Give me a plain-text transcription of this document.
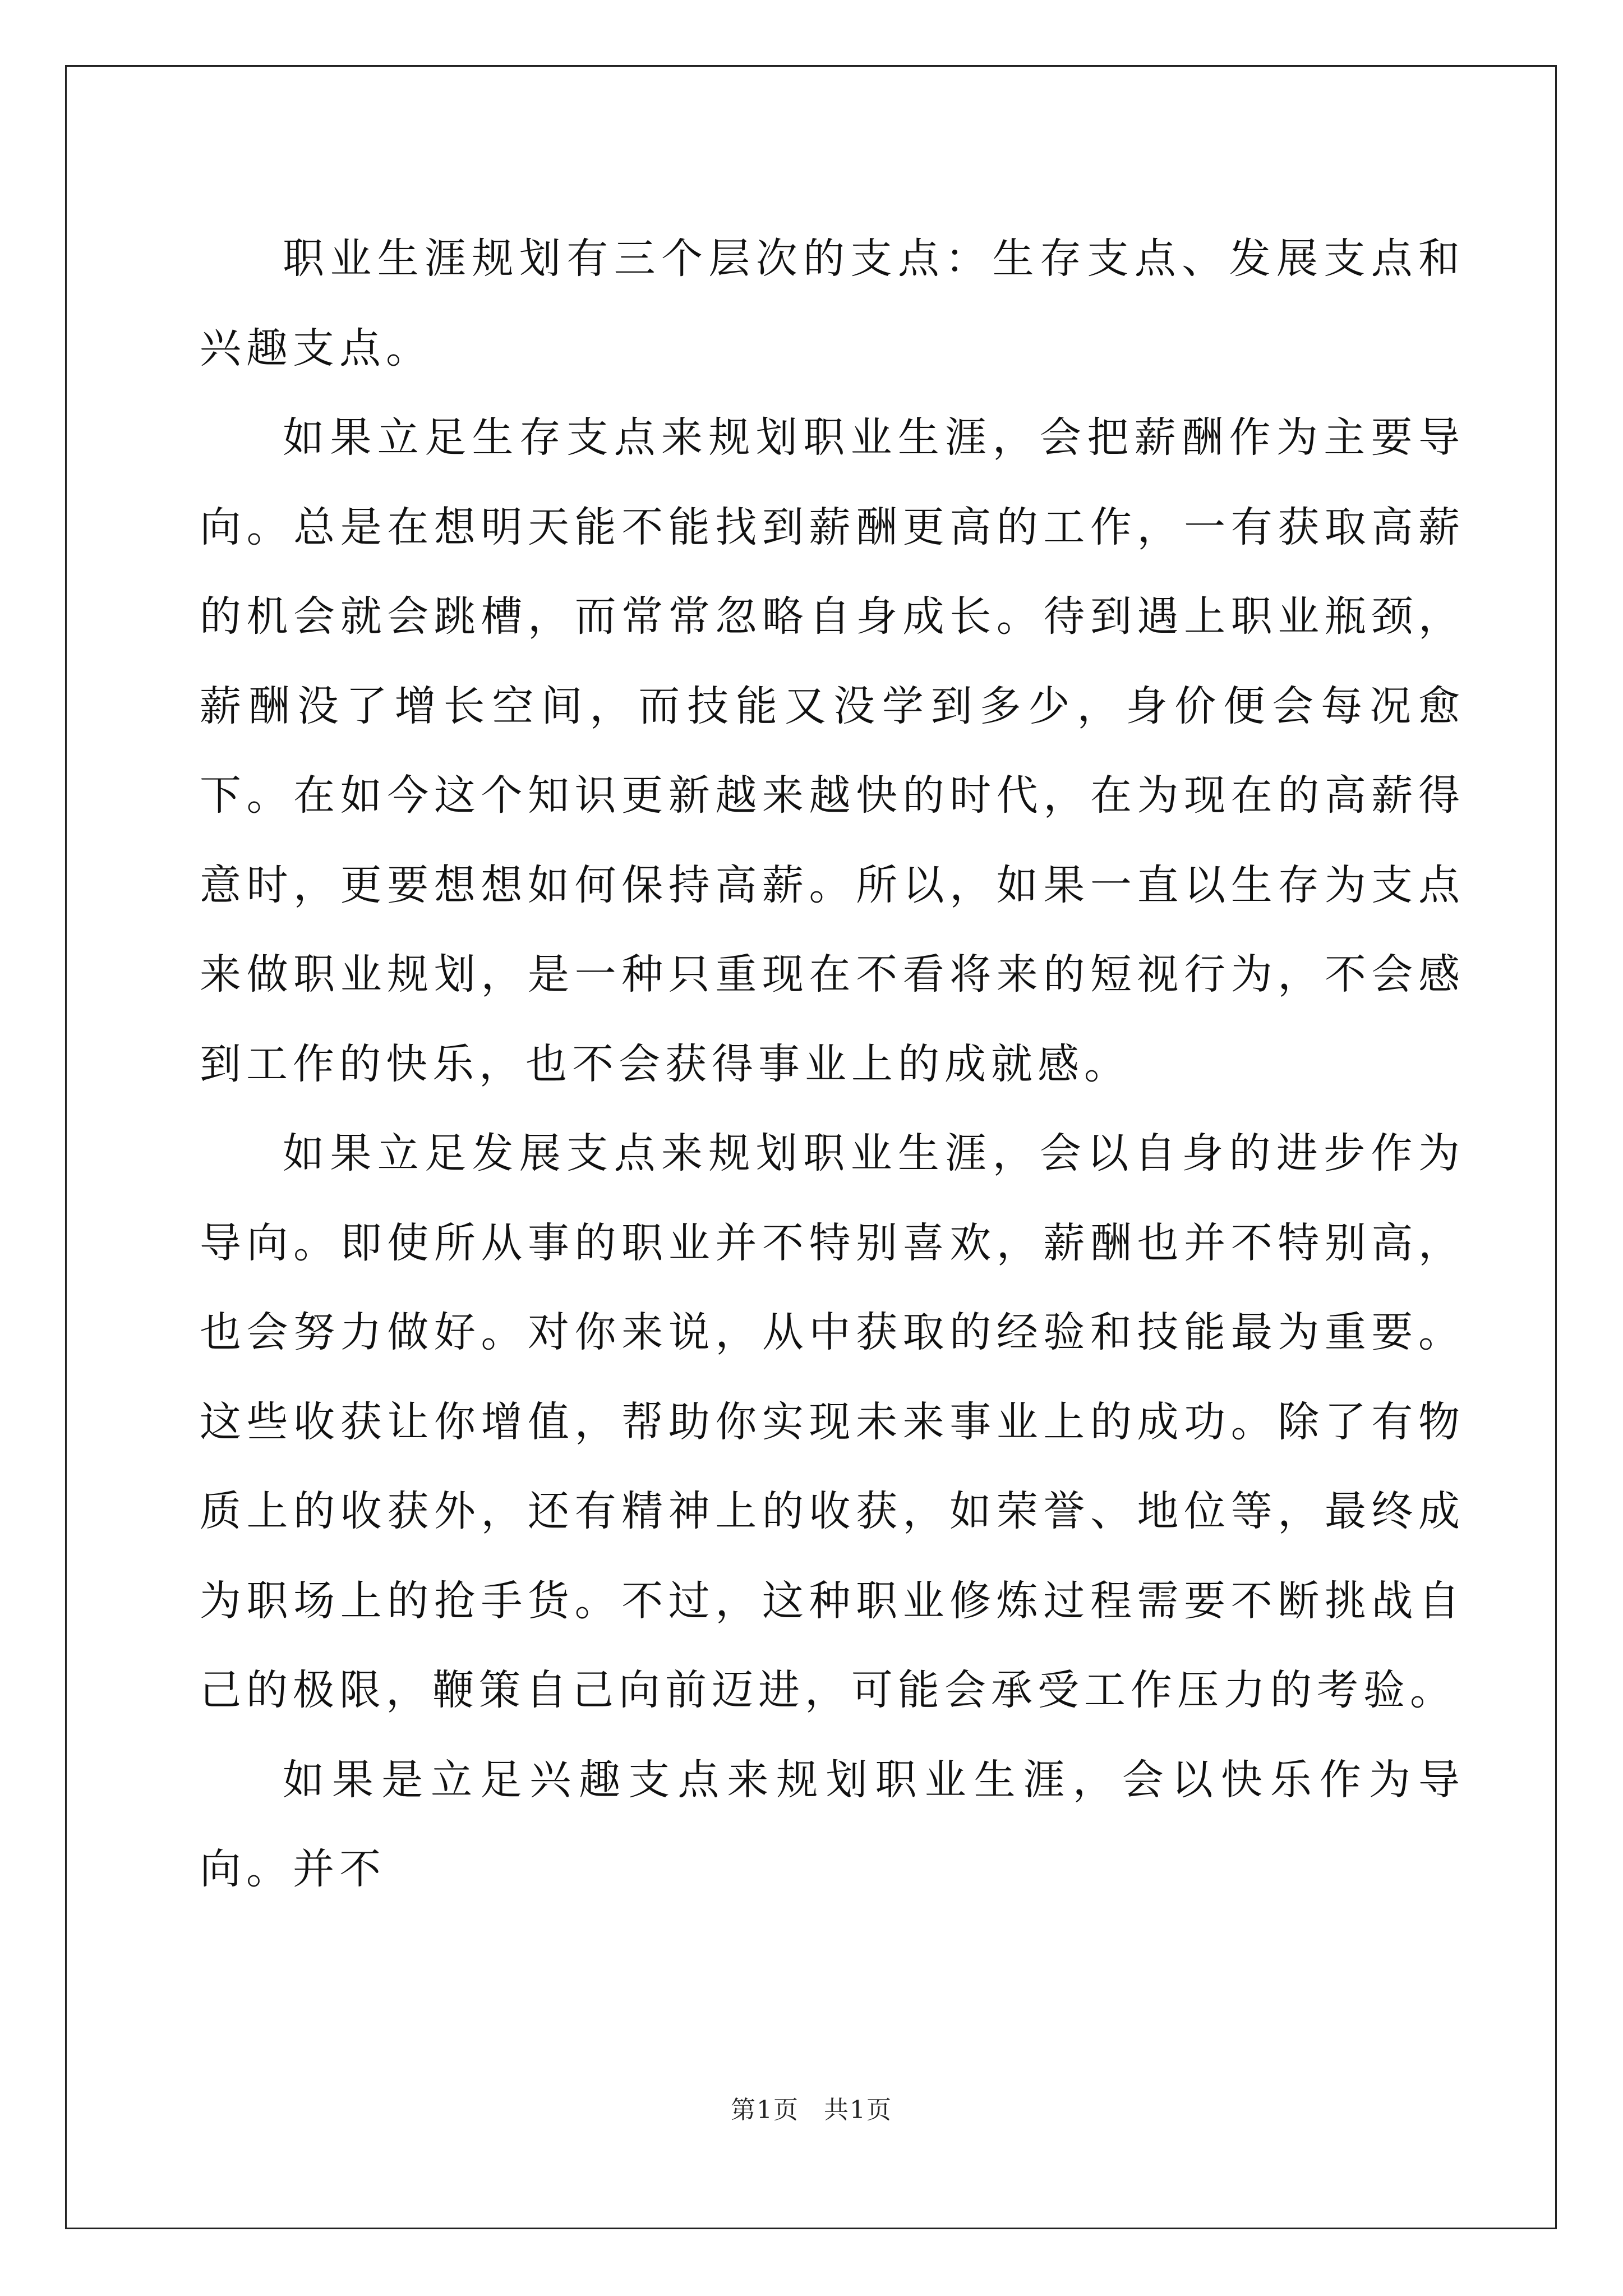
职业生涯规划有三个层次的支点：生存支点、发展支点和兴趣支点。

如果立足生存支点来规划职业生涯，会把薪酬作为主要导向。总是在想明天能不能找到薪酬更高的工作，一有获取高薪的机会就会跳槽，而常常忽略自身成长。待到遇上职业瓶颈，薪酬没了增长空间，而技能又没学到多少，身价便会每况愈下。在如今这个知识更新越来越快的时代，在为现在的高薪得意时，更要想想如何保持高薪。所以，如果一直以生存为支点来做职业规划，是一种只重现在不看将来的短视行为，不会感到工作的快乐，也不会获得事业上的成就感。

如果立足发展支点来规划职业生涯，会以自身的进步作为导向。即使所从事的职业并不特别喜欢，薪酬也并不特别高，也会努力做好。对你来说，从中获取的经验和技能最为重要。这些收获让你增值，帮助你实现未来事业上的成功。除了有物质上的收获外，还有精神上的收获，如荣誉、地位等，最终成为职场上的抢手货。不过，这种职业修炼过程需要不断挑战自己的极限，鞭策自己向前迈进，可能会承受工作压力的考验。

如果是立足兴趣支点来规划职业生涯，会以快乐作为导向。并不

第1页 共1页
